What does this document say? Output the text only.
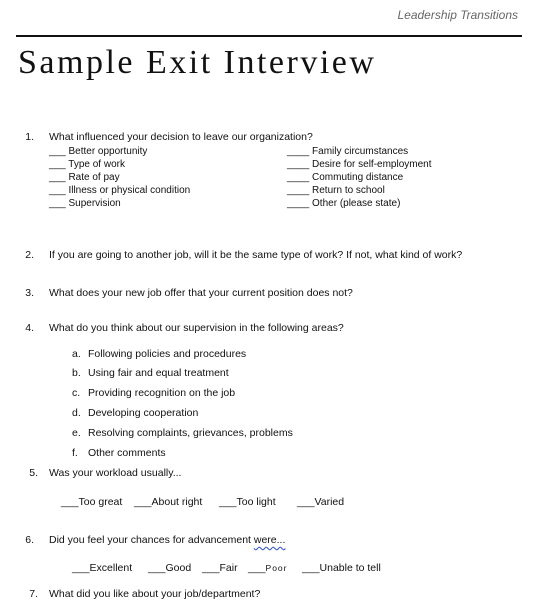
Leadership Transitions
Sample Exit Interview
1. What influenced your decision to leave our organization?
___ Better opportunity
___ Type of work
___ Rate of pay
___ Illness or physical condition
___ Supervision
____ Family circumstances
____ Desire for self-employment
____ Commuting distance
____ Return to school
____ Other (please state)
2. If you are going to another job, will it be the same type of work? If not, what kind of work?
3. What does your new job offer that your current position does not?
4. What do you think about our supervision in the following areas?
a. Following policies and procedures
b. Using fair and equal treatment
c. Providing recognition on the job
d. Developing cooperation
e. Resolving complaints, grievances, problems
f. Other comments
5. Was your workload usually...
___Too great ___About right ___Too light ___Varied
6. Did you feel your chances for advancement were...
___Excellent ___Good ___Fair ___Poor ___Unable to tell
7. What did you like about your job/department?
